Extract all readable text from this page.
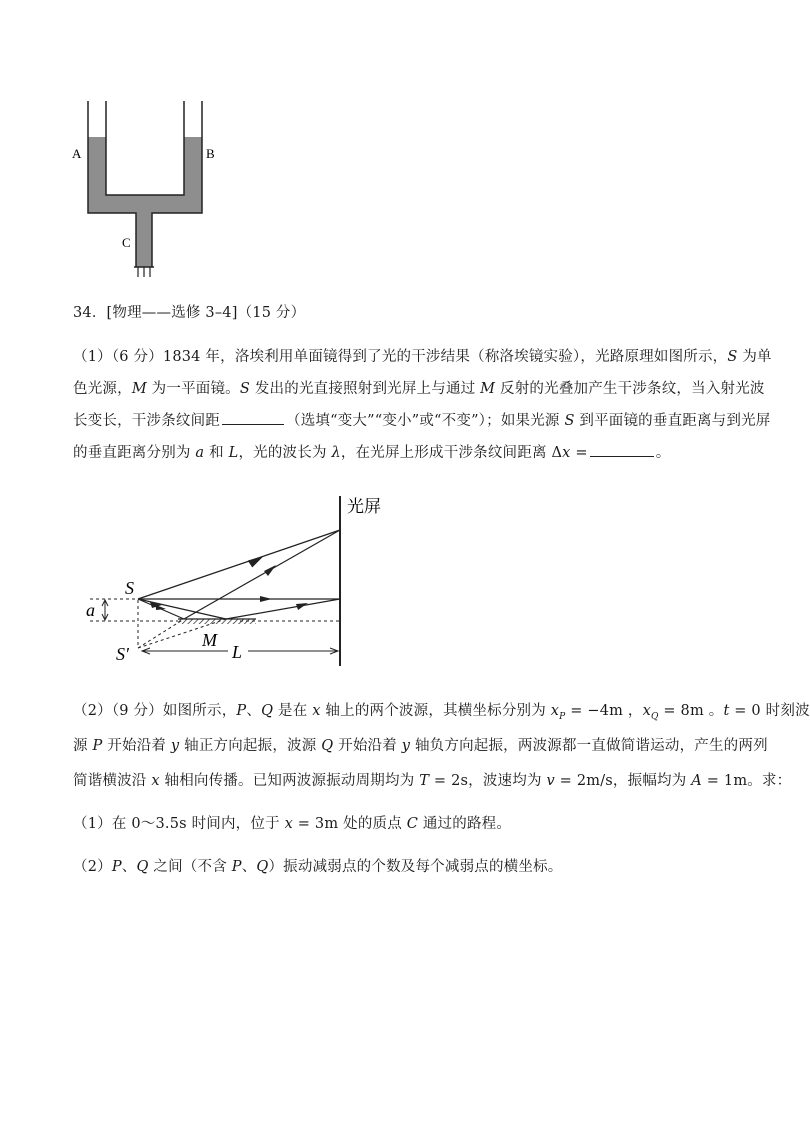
A	B
C
34．[物理——选修 3–4]（15 分）
（1）（6 分）1834 年，洛埃利用单面镜得到了光的干涉结果（称洛埃镜实验），光路原理如图所示，S 为单
色光源，M 为一平面镜。S 发出的光直接照射到光屏上与通过 M 反射的光叠加产生干涉条纹，当入射光波
长变长，干涉条纹间距	（选填“变大”“变小”或“不变”）；如果光源 S 到平面镜的垂直距离与到光屏
的垂直距离分别为 a 和 L，光的波长为 λ，在光屏上形成干涉条纹间距离 Δx =	。
光屏
a
S
S′
M
L
（2）（9 分）如图所示，P、Q 是在 x 轴上的两个波源，其横坐标分别为 $x_P = -4m$ ，$x_Q = 8m$ 。t = 0 时刻波
源 P 开始沿着 y 轴正方向起振，波源 Q 开始沿着 y 轴负方向起振，两波源都一直做简谐运动，产生的两列
简谐横波沿 x 轴相向传播。已知两波源振动周期均为 T = 2s，波速均为 v = 2m/s，振幅均为 A = 1m。求：
（1）在 0～3.5s 时间内，位于 x = 3m 处的质点 C 通过的路程。
（2）P、Q 之间（不含 P、Q）振动减弱点的个数及每个减弱点的横坐标。
